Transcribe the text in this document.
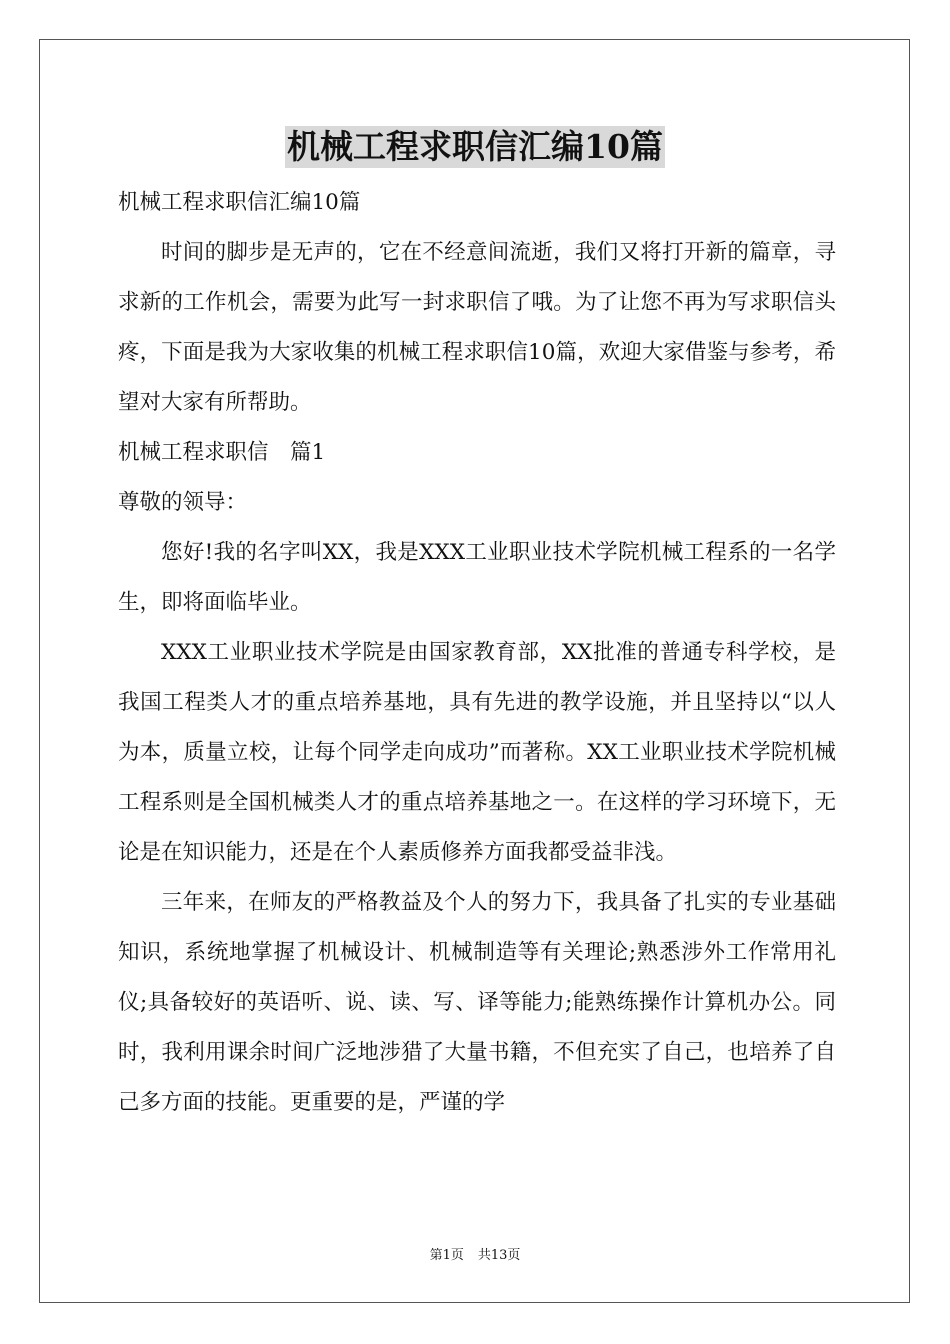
机械工程求职信汇编10篇

机械工程求职信汇编10篇

时间的脚步是无声的，它在不经意间流逝，我们又将打开新的篇章，寻求新的工作机会，需要为此写一封求职信了哦。为了让您不再为写求职信头疼，下面是我为大家收集的机械工程求职信10篇，欢迎大家借鉴与参考，希望对大家有所帮助。

机械工程求职信　篇1

尊敬的领导：

您好!我的名字叫XX，我是XXX工业职业技术学院机械工程系的一名学生，即将面临毕业。

XXX工业职业技术学院是由国家教育部，XX批准的普通专科学校，是我国工程类人才的重点培养基地，具有先进的教学设施，并且坚持以“以人为本，质量立校，让每个同学走向成功”而著称。XX工业职业技术学院机械工程系则是全国机械类人才的重点培养基地之一。在这样的学习环境下，无论是在知识能力，还是在个人素质修养方面我都受益非浅。

三年来，在师友的严格教益及个人的努力下，我具备了扎实的专业基础知识，系统地掌握了机械设计、机械制造等有关理论;熟悉涉外工作常用礼仪;具备较好的英语听、说、读、写、译等能力;能熟练操作计算机办公。同时，我利用课余时间广泛地涉猎了大量书籍，不但充实了自己，也培养了自己多方面的技能。更重要的是，严谨的学

第1页 共13页
